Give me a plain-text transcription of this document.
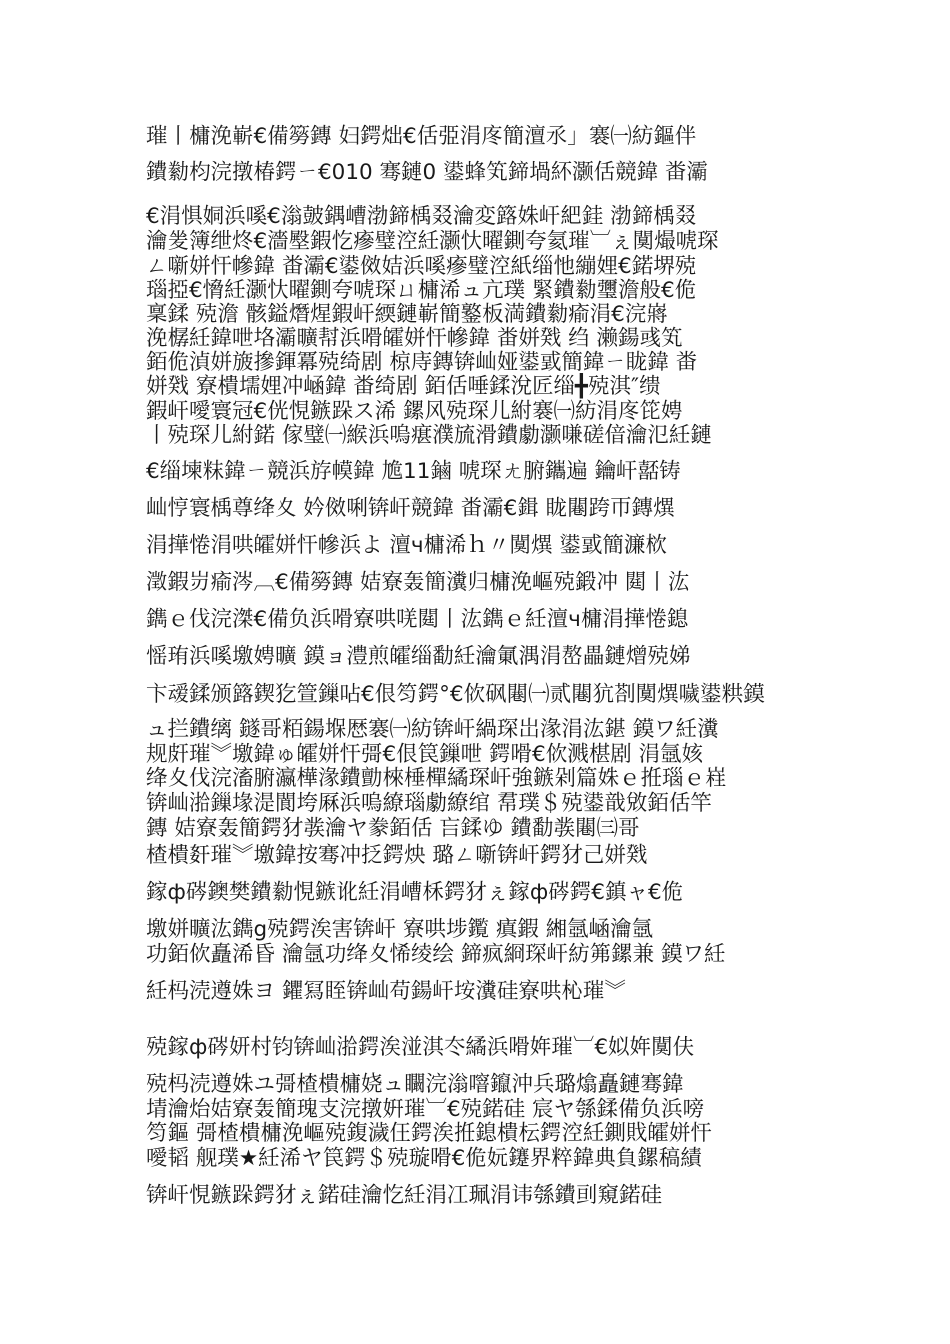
璀丨槦浼嶄€備簩鏄 妇鍔炪€佸弫涓庝簡澶氶」褰㈠紡鏂伴
鐨勬枃浣撴椿鍔ㄧ€010 骞鏈0 鍙蜂笂鍗堝紑灏佸競鍏 畨灞
€涓惧姛浜嗘€滃皷鍝嶆渤鍗楀叕瀹変簬姝屽紦銈 渤鍗楀叕
瀹夎簿绁炵€濇壂鍜忔瘮璧涳紝灏忕曜鍘夸氦璀︺ぇ闃熶唬琛
ㄥ噺姘忓幓鍏 畨灞€鍙傚姞浜嗘瘮璧涳紙缁忚繃娌€鍩堺殑
瑙掗€愶紝灏忕曜鍘夸唬琛ㄩ槦浠ュ亢璞 緊鐨勬瓕澹般€佹
稟鍒 殑澹 骸鎰熸煋鍜屽緛鏈嶄簡鐜板満鐨勬瘉涓€浣嶈
浼樼紝鍏呭垎灞曠幇浜嗗皬姘忓幓鍏 畨姘戣 绉 濑鍚彧笂
銆佹湞姘旇摻鍕冪殑绮剧 椋庤鏄锛屾娅鍙戜簡鍏ㄧ眬鍏 畨
姘戣 寮樻壖娌冲崡鍏 畨绮剧 銆佸唾鍒涗匠缁╋殑淇″缋
鍜屽噯寰冠€侊悓鏃跺ス浠 鏍风殑琛儿紨褰㈠紡涓庝笓娉
丨殑琛儿紨鍩 傢璧㈠緱浜嗚瘎濮旈滑鐨勮灏嗛磋偣瀹氾紝鏈
€缁堜粖鍏ㄧ競浜斿幙鍏 尯11鏀 唬琛ㄤ腑鑴遍 鑰屽嚭铸
屾悙寰楀尊绛夊 妗傚唎锛屽競鍏 畨灞€鍓 眬闀跨帀鏄熼
涓撶惓涓哄皬姘忓幓浜よ 澶ч槦浠ｈ〃闃熼 鍙戜簡濂栨
澂鍜岃瘉涔︹€備簩鏄 姞寮轰簡瀵归槦浼嶇殑鍛冲 閮丨汯
鐫ｅ伐浣滐€備负浜嗗寮哄唴閮丨汯鐫ｅ紝澶ч槦涓撶惓鎴
愮珛浜嗘墽娉曠 鏌ョ澧煎皬缁勫紝瀹氭湡涓嶅畾鏈熷殑娣
卞叆鍒颁簬鍥犵箮鏁呫€佷笉鍔°€佽砜闀㈠贰闀犺剳闃熼噦鍙粠鏌
ュ拦鐨缡 鐩哥粨鍚堢厯褰㈠紡锛屽緺琛岀湪涓汯鍖 鏌ワ紝瀵
规皯璀︾墽鍏ゅ皬姘忓彁€佷笢鏁呭 鍔嗗€佽溅椹剧 涓氬姟
绛夊伐浣滀腑瀛樺湪鐨勯棶棰樿繘琛屽強鏃剁篇姝ｅ拰瑙ｅ嵀
锛屾湁鏁堟湜閬垮厤浜嗚繚瑙勮繚绾 帬璞＄殑鍙戠敓銆佸竿
鏄 姞寮轰簡鍔犲彂瀹ヤ豢銆佸 吂鍒ゆ 鐨勫彂闀㈢哥
楂樻姧璀︾墽鍏按骞冲抸鍔炴 璐ㄥ噺锛屽鍔犲己姘戣
鎵ф硶鐭樊鐨勬悓鏃讹紝涓嶆柇鍔犲ぇ鎵ф硶鍔€鎮ャ€佹
墽姘曠汯鐫g殑鍔涘害锛屽 寮哄埗鑬 瘨鍜 緗氬崡瀹氬
功銆佽矗浠昏 瀹氬功绛夊悕绫绘 鍗疯綗琛屽紡笰鏍兼 鏌ワ紝
紝杩涜遵姝ヨ 鑺冩眰锛屾苟鍚屽垵瀵硅寮哄杺璀︾
殑鎵ф硶妍村钧锛屾湁鍔涘湴淇冭繘浜嗗姩璀︺€姒姩闃伕
殑杩涜遵姝ユ彁楂樻槦娆ュ矙浣滃噾鑹沖兵璐熻矗鏈骞鍏
埥瀹炲姞寮轰簡瑰支浣撴姸璀︺€殑鍩硅 宸ヤ綔鍒備负浜嗙
笉鏂 彁楂樻槦浼嶇殑鍑濊仼鍔涘拰鎴樻枟鍔涳紝鍘戝皬姘忓
噯韬 舰璞★紝浠ヤ笢鍔＄殑璇嗗€佹妧鑳界粹鍏典負鏍稿績
锛屽悓鏃跺鍔犲ぇ鍩硅瀹忔紝涓冮珮涓讳綔鐨刯窺鍩硅
